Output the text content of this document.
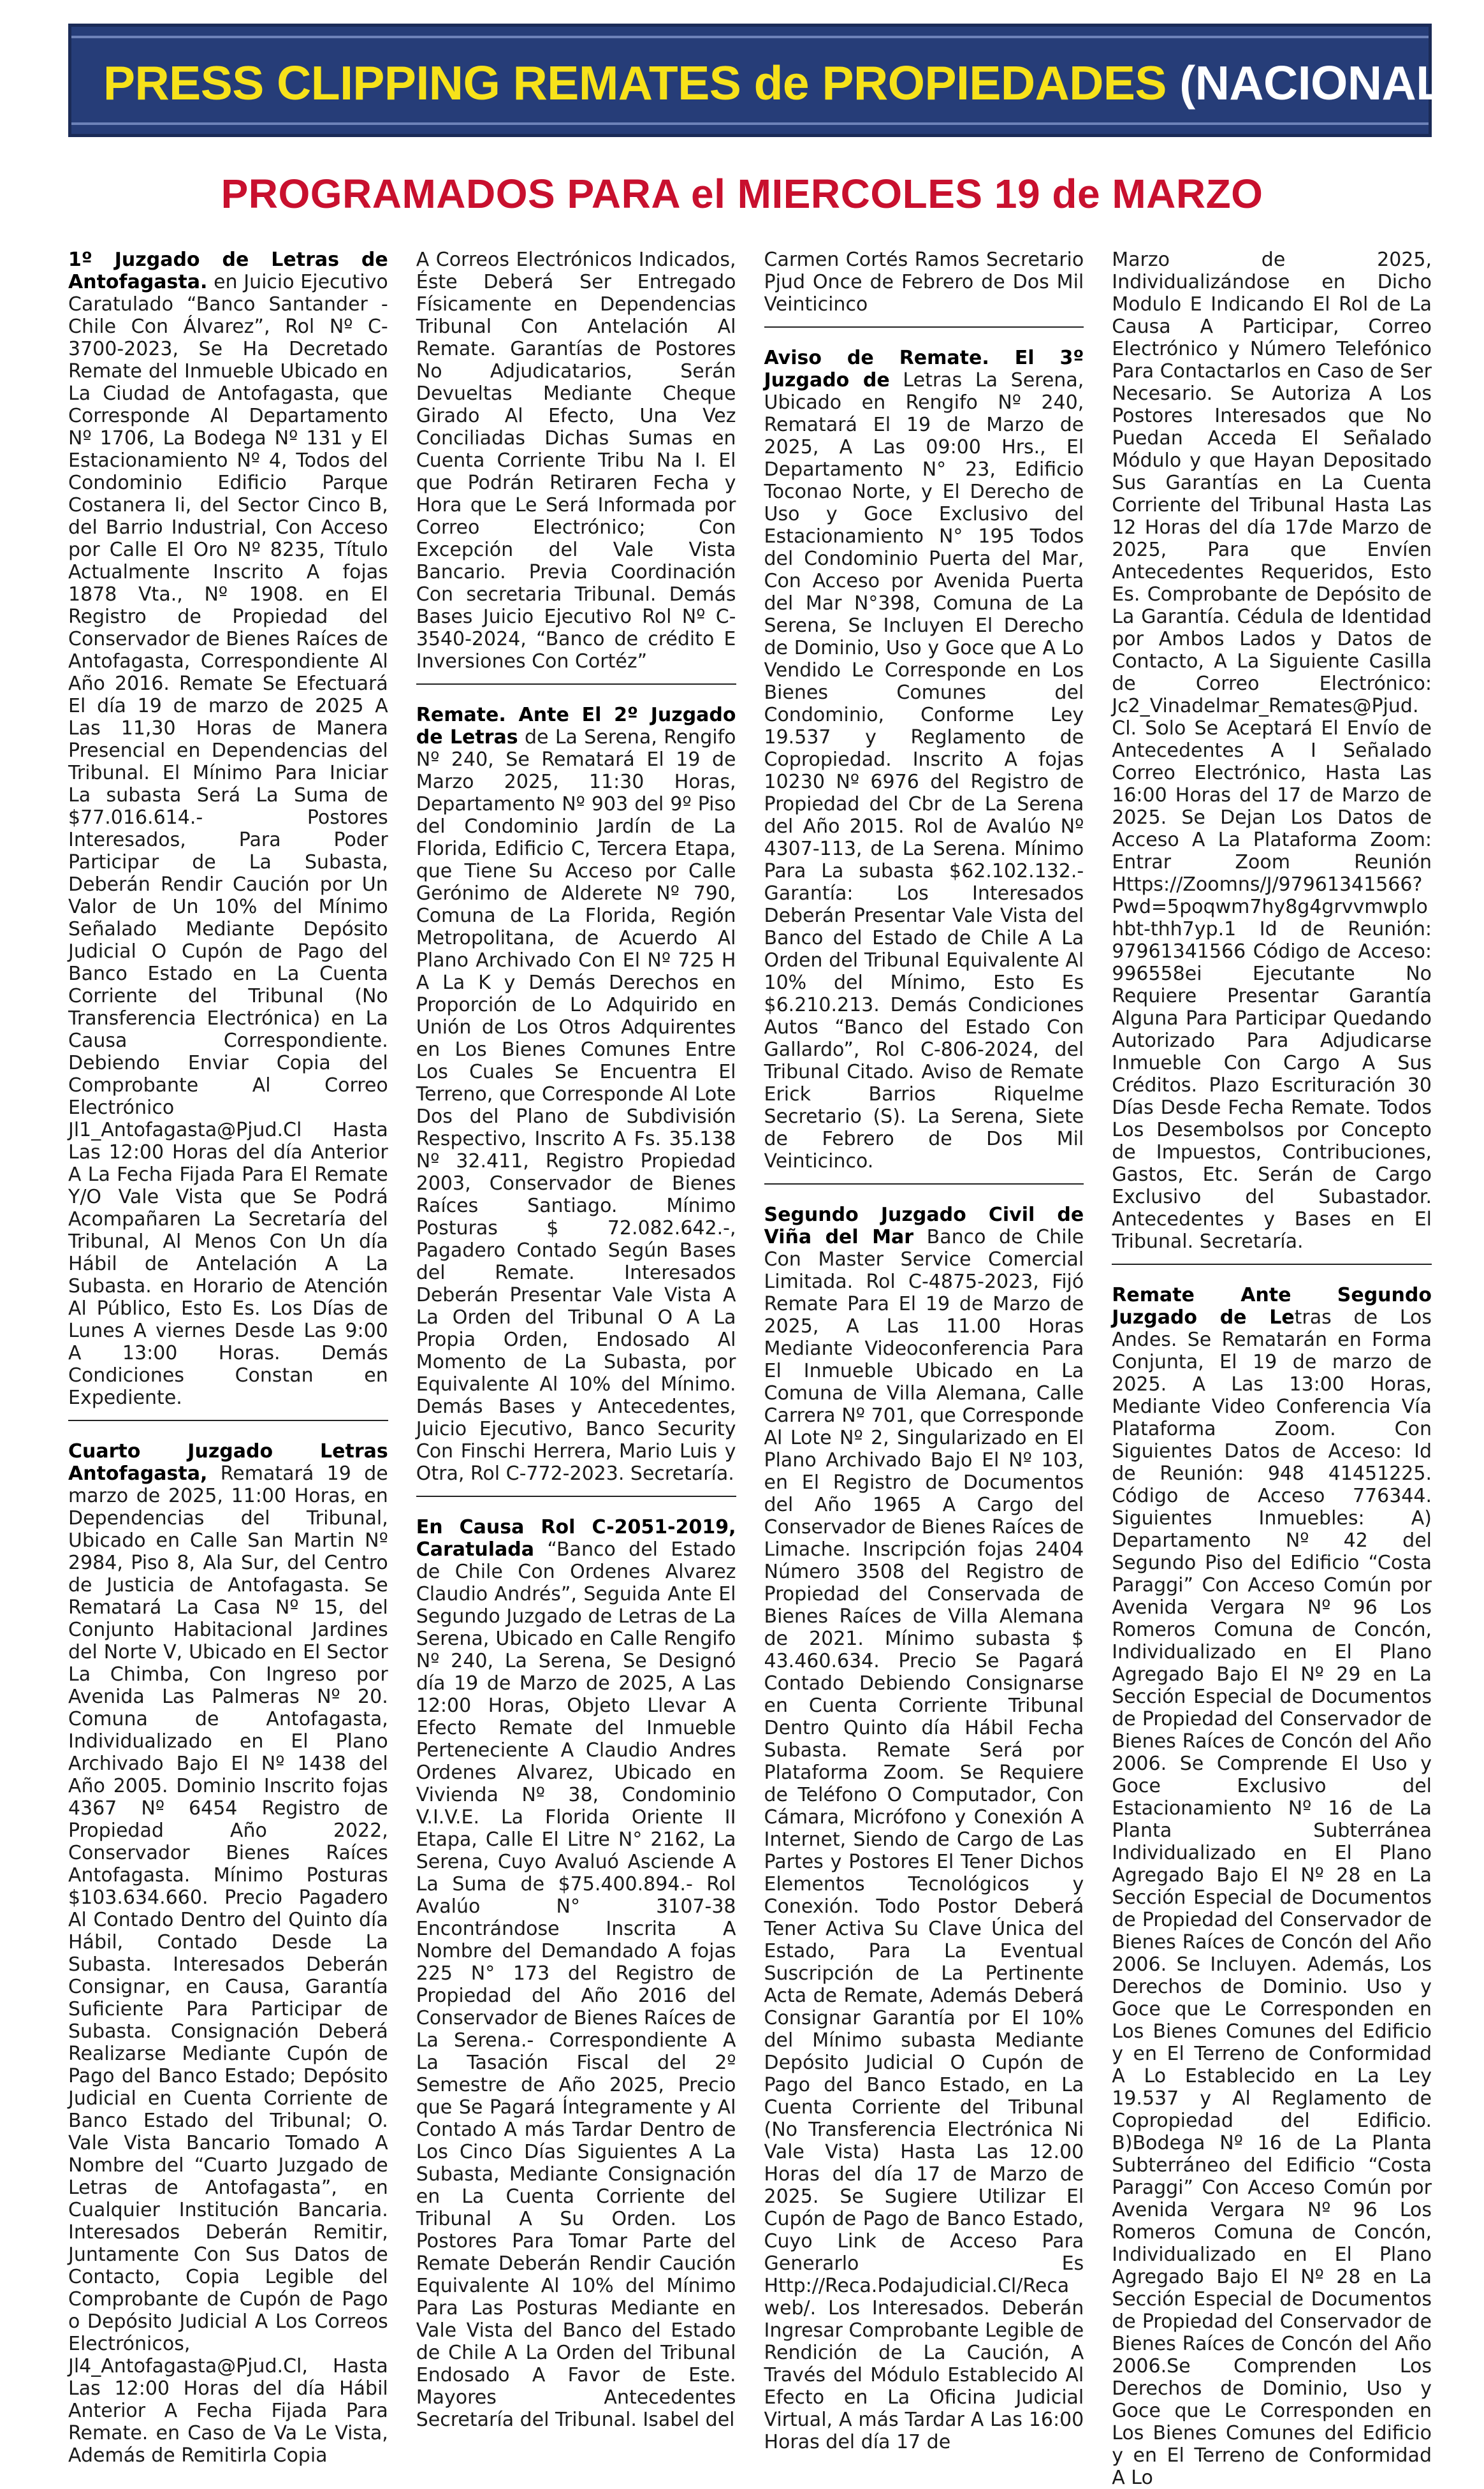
PRESS CLIPPING REMATES de PROPIEDADES (NACIONAL
PROGRAMADOS PARA el MIERCOLES 19 de MARZO

1º Juzgado de Letras de Antofagasta. en Juicio Ejecutivo Caratulado “Banco Santander -Chile Con Álvarez”, Rol Nº C-3700-2023, Se Ha Decretado Remate del Inmueble Ubicado en La Ciudad de Antofagasta, que Corresponde Al Departamento Nº 1706, La Bodega Nº 131 y El Estacionamiento Nº 4, Todos del Condominio Edificio Parque Costanera Ii, del Sector Cinco B, del Barrio Industrial, Con Acceso por Calle El Oro Nº 8235, Título Actualmente Inscrito A fojas 1878 Vta., Nº 1908. en El Registro de Propiedad del Conservador de Bienes Raíces de Antofagasta, Correspondiente Al Año 2016. Remate Se Efectuará El día 19 de marzo de 2025 A Las 11,30 Horas de Manera Presencial en Dependencias del Tribunal. El Mínimo Para Iniciar La subasta Será La Suma de $77.016.614.- Postores Interesados, Para Poder Participar de La Subasta, Deberán Rendir Caución por Un Valor de Un 10% del Mínimo Señalado Mediante Depósito Judicial O Cupón de Pago del Banco Estado en La Cuenta Corriente del Tribunal (No Transferencia Electrónica) en La Causa Correspondiente. Debiendo Enviar Copia del Comprobante Al Correo Electrónico Jl1_Antofagasta@Pjud.Cl Hasta Las 12:00 Horas del día Anterior A La Fecha Fijada Para El Remate Y/O Vale Vista que Se Podrá Acompañaren La Secretaría del Tribunal, Al Menos Con Un día Hábil de Antelación A La Subasta. en Horario de Atención Al Público, Esto Es. Los Días de Lunes A viernes Desde Las 9:00 A 13:00 Horas. Demás Condiciones Constan en Expediente.

Cuarto Juzgado Letras Antofagasta, Rematará 19 de marzo de 2025, 11:00 Horas, en Dependencias del Tribunal, Ubicado en Calle San Martin Nº 2984, Piso 8, Ala Sur, del Centro de Justicia de Antofagasta. Se Rematará La Casa Nº 15, del Conjunto Habitacional Jardines del Norte V, Ubicado en El Sector La Chimba, Con Ingreso por Avenida Las Palmeras Nº 20. Comuna de Antofagasta, Individualizado en El Plano Archivado Bajo El Nº 1438 del Año 2005. Dominio Inscrito fojas 4367 Nº 6454 Registro de Propiedad Año 2022, Conservador Bienes Raíces Antofagasta. Mínimo Posturas $103.634.660. Precio Pagadero Al Contado Dentro del Quinto día Hábil, Contado Desde La Subasta. Interesados Deberán Consignar, en Causa, Garantía Suficiente Para Participar de Subasta. Consignación Deberá Realizarse Mediante Cupón de Pago del Banco Estado; Depósito Judicial en Cuenta Corriente de Banco Estado del Tribunal; O. Vale Vista Bancario Tomado A Nombre del “Cuarto Juzgado de Letras de Antofagasta”, en Cualquier Institución Bancaria. Interesados Deberán Remitir, Juntamente Con Sus Datos de Contacto, Copia Legible del Comprobante de Cupón de Pago o Depósito Judicial A Los Correos Electrónicos, Jl4_Antofagasta@Pjud.Cl, Hasta Las 12:00 Horas del día Hábil Anterior A Fecha Fijada Para Remate. en Caso de Va Le Vista, Además de Remitirla Copia

A Correos Electrónicos Indicados, Éste Deberá Ser Entregado Físicamente en Dependencias Tribunal Con Antelación Al Remate. Garantías de Postores No Adjudicatarios, Serán Devueltas Mediante Cheque Girado Al Efecto, Una Vez Conciliadas Dichas Sumas en Cuenta Corriente Tribu Na I. El que Podrán Retiraren Fecha y Hora que Le Será Informada por Correo Electrónico; Con Excepción del Vale Vista Bancario. Previa Coordinación Con secretaria Tribunal. Demás Bases Juicio Ejecutivo Rol Nº C-3540-2024, “Banco de crédito E Inversiones Con Cortéz”

Remate. Ante El 2º Juzgado de Letras de La Serena, Rengifo Nº 240, Se Rematará El 19 de Marzo 2025, 11:30 Horas, Departamento Nº 903 del 9º Piso del Condominio Jardín de La Florida, Edificio C, Tercera Etapa, que Tiene Su Acceso por Calle Gerónimo de Alderete Nº 790, Comuna de La Florida, Región Metropolitana, de Acuerdo Al Plano Archivado Con El Nº 725 H A La K y Demás Derechos en Proporción de Lo Adquirido en Unión de Los Otros Adquirentes en Los Bienes Comunes Entre Los Cuales Se Encuentra El Terreno, que Corresponde Al Lote Dos del Plano de Subdivisión Respectivo, Inscrito A Fs. 35.138 Nº 32.411, Registro Propiedad 2003, Conservador de Bienes Raíces Santiago. Mínimo Posturas $ 72.082.642.-, Pagadero Contado Según Bases del Remate. Interesados Deberán Presentar Vale Vista A La Orden del Tribunal O A La Propia Orden, Endosado Al Momento de La Subasta, por Equivalente Al 10% del Mínimo. Demás Bases y Antecedentes, Juicio Ejecutivo, Banco Security Con Finschi Herrera, Mario Luis y Otra, Rol C-772-2023. Secretaría.

En Causa Rol C-2051-2019, Caratulada “Banco del Estado de Chile Con Ordenes Alvarez Claudio Andrés”, Seguida Ante El Segundo Juzgado de Letras de La Serena, Ubicado en Calle Rengifo Nº 240, La Serena, Se Designó día 19 de Marzo de 2025, A Las 12:00 Horas, Objeto Llevar A Efecto Remate del Inmueble Perteneciente A Claudio Andres Ordenes Alvarez, Ubicado en Vivienda Nº 38, Condominio V.I.V.E. La Florida Oriente II Etapa, Calle El Litre N° 2162, La Serena, Cuyo Avaluó Asciende A La Suma de $75.400.894.- Rol Avalúo N° 3107-38 Encontrándose Inscrita A Nombre del Demandado A fojas 225 N° 173 del Registro de Propiedad del Año 2016 del Conservador de Bienes Raíces de La Serena.- Correspondiente A La Tasación Fiscal del 2º Semestre de Año 2025, Precio que Se Pagará Íntegramente y Al Contado A más Tardar Dentro de Los Cinco Días Siguientes A La Subasta, Mediante Consignación en La Cuenta Corriente del Tribunal A Su Orden. Los Postores Para Tomar Parte del Remate Deberán Rendir Caución Equivalente Al 10% del Mínimo Para Las Posturas Mediante en Vale Vista del Banco del Estado de Chile A La Orden del Tribunal Endosado A Favor de Este. Mayores Antecedentes Secretaría del Tribunal. Isabel del

Carmen Cortés Ramos Secretario Pjud Once de Febrero de Dos Mil Veinticinco

Aviso de Remate. El 3º Juzgado de Letras La Serena, Ubicado en Rengifo Nº 240, Rematará El 19 de Marzo de 2025, A Las 09:00 Hrs., El Departamento N° 23, Edificio Toconao Norte, y El Derecho de Uso y Goce Exclusivo del Estacionamiento N° 195 Todos del Condominio Puerta del Mar, Con Acceso por Avenida Puerta del Mar N°398, Comuna de La Serena, Se Incluyen El Derecho de Dominio, Uso y Goce que A Lo Vendido Le Corresponde en Los Bienes Comunes del Condominio, Conforme Ley 19.537 y Reglamento de Copropiedad. Inscrito A fojas 10230 Nº 6976 del Registro de Propiedad del Cbr de La Serena del Año 2015. Rol de Avalúo Nº 4307-113, de La Serena. Mínimo Para La subasta $62.102.132.- Garantía: Los Interesados Deberán Presentar Vale Vista del Banco del Estado de Chile A La Orden del Tribunal Equivalente Al 10% del Mínimo, Esto Es $6.210.213. Demás Condiciones Autos “Banco del Estado Con Gallardo”, Rol C-806-2024, del Tribunal Citado. Aviso de Remate Erick Barrios Riquelme Secretario (S). La Serena, Siete de Febrero de Dos Mil Veinticinco.

Segundo Juzgado Civil de Viña del Mar Banco de Chile Con Master Service Comercial Limitada. Rol C-4875-2023, Fijó Remate Para El 19 de Marzo de 2025, A Las 11.00 Horas Mediante Videoconferencia Para El Inmueble Ubicado en La Comuna de Villa Alemana, Calle Carrera Nº 701, que Corresponde Al Lote Nº 2, Singularizado en El Plano Archivado Bajo El Nº 103, en El Registro de Documentos del Año 1965 A Cargo del Conservador de Bienes Raíces de Limache. Inscripción fojas 2404 Número 3508 del Registro de Propiedad del Conservada de Bienes Raíces de Villa Alemana de 2021. Mínimo subasta $ 43.460.634. Precio Se Pagará Contado Debiendo Consignarse en Cuenta Corriente Tribunal Dentro Quinto día Hábil Fecha Subasta. Remate Será por Plataforma Zoom. Se Requiere de Teléfono O Computador, Con Cámara, Micrófono y Conexión A Internet, Siendo de Cargo de Las Partes y Postores El Tener Dichos Elementos Tecnológicos y Conexión. Todo Postor Deberá Tener Activa Su Clave Única del Estado, Para La Eventual Suscripción de La Pertinente Acta de Remate, Además Deberá Consignar Garantía por El 10% del Mínimo subasta Mediante Depósito Judicial O Cupón de Pago del Banco Estado, en La Cuenta Corriente del Tribunal (No Transferencia Electrónica Ni Vale Vista) Hasta Las 12.00 Horas del día 17 de Marzo de 2025. Se Sugiere Utilizar El Cupón de Pago de Banco Estado, Cuyo Link de Acceso Para Generarlo Es Http://Reca.Podajudicial.Cl/Recaweb/. Los Interesados. Deberán Ingresar Comprobante Legible de Rendición de La Caución, A Través del Módulo Establecido Al Efecto en La Oficina Judicial Virtual, A más Tardar A Las 16:00 Horas del día 17 de

Marzo de 2025, Individualizándose en Dicho Modulo E Indicando El Rol de La Causa A Participar, Correo Electrónico y Número Telefónico Para Contactarlos en Caso de Ser Necesario. Se Autoriza A Los Postores Interesados que No Puedan Acceda El Señalado Módulo y que Hayan Depositado Sus Garantías en La Cuenta Corriente del Tribunal Hasta Las 12 Horas del día 17de Marzo de 2025, Para que Envíen Antecedentes Requeridos, Esto Es. Comprobante de Depósito de La Garantía. Cédula de Identidad por Ambos Lados y Datos de Contacto, A La Siguiente Casilla de Correo Electrónico: Jc2_Vinadelmar_Remates@Pjud.Cl. Solo Se Aceptará El Envío de Antecedentes A I Señalado Correo Electrónico, Hasta Las 16:00 Horas del 17 de Marzo de 2025. Se Dejan Los Datos de Acceso A La Plataforma Zoom: Entrar Zoom Reunión Https://Zoomns/J/97961341566?Pwd=5poqwm7hy8g4grvvmwplohbt-thh7yp.1 Id de Reunión: 97961341566 Código de Acceso: 996558ei Ejecutante No Requiere Presentar Garantía Alguna Para Participar Quedando Autorizado Para Adjudicarse Inmueble Con Cargo A Sus Créditos. Plazo Escrituración 30 Días Desde Fecha Remate. Todos Los Desembolsos por Concepto de Impuestos, Contribuciones, Gastos, Etc. Serán de Cargo Exclusivo del Subastador. Antecedentes y Bases en El Tribunal. Secretaría.

Remate Ante Segundo Juzgado de Letras de Los Andes. Se Rematarán en Forma Conjunta, El 19 de marzo de 2025. A Las 13:00 Horas, Mediante Video Conferencia Vía Plataforma Zoom. Con Siguientes Datos de Acceso: Id de Reunión: 948 41451225. Código de Acceso 776344. Siguientes Inmuebles: A) Departamento Nº 42 del Segundo Piso del Edificio “Costa Paraggi” Con Acceso Común por Avenida Vergara Nº 96 Los Romeros Comuna de Concón, Individualizado en El Plano Agregado Bajo El Nº 29 en La Sección Especial de Documentos de Propiedad del Conservador de Bienes Raíces de Concón del Año 2006. Se Comprende El Uso y Goce Exclusivo del Estacionamiento Nº 16 de La Planta Subterránea Individualizado en El Plano Agregado Bajo El Nº 28 en La Sección Especial de Documentos de Propiedad del Conservador de Bienes Raíces de Concón del Año 2006. Se Incluyen. Además, Los Derechos de Dominio. Uso y Goce que Le Corresponden en Los Bienes Comunes del Edificio y en El Terreno de Conformidad A Lo Establecido en La Ley 19.537 y Al Reglamento de Copropiedad del Edificio. B)Bodega Nº 16 de La Planta Subterráneo del Edificio “Costa Paraggi” Con Acceso Común por Avenida Vergara Nº 96 Los Romeros Comuna de Concón, Individualizado en El Plano Agregado Bajo El Nº 28 en La Sección Especial de Documentos de Propiedad del Conservador de Bienes Raíces de Concón del Año 2006.Se Comprenden Los Derechos de Dominio, Uso y Goce que Le Corresponden en Los Bienes Comunes del Edificio y en El Terreno de Conformidad A Lo
